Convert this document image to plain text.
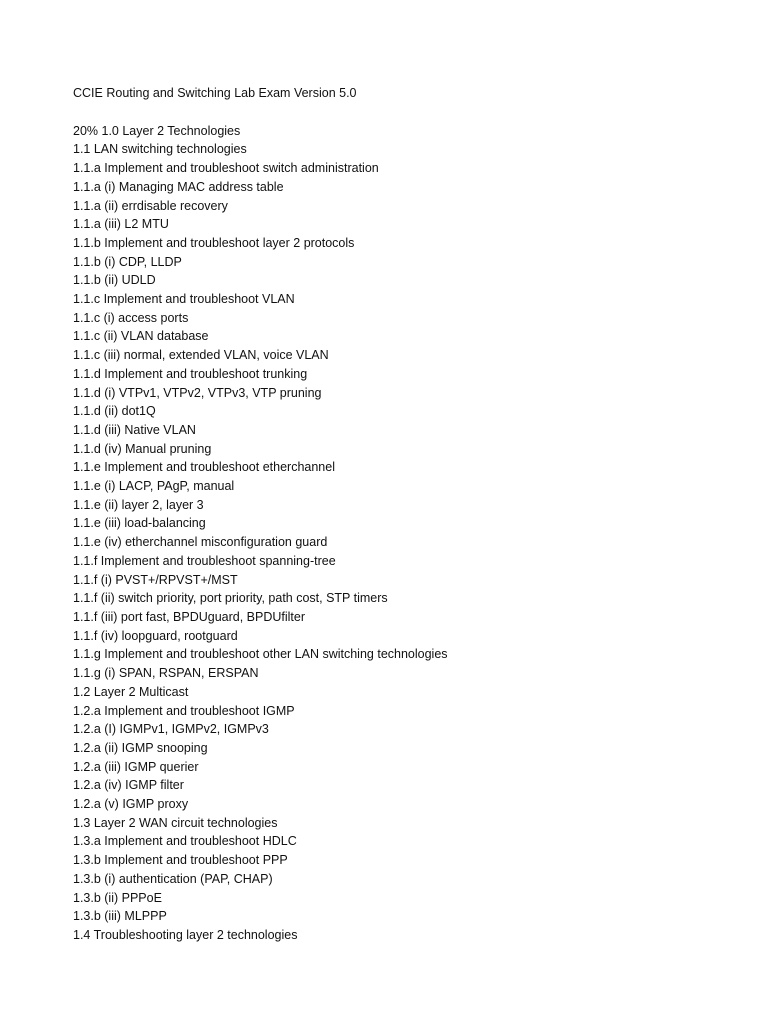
CCIE Routing and Switching Lab Exam Version 5.0
20% 1.0 Layer 2 Technologies
1.1 LAN switching technologies
1.1.a Implement and troubleshoot switch administration
1.1.a (i) Managing MAC address table
1.1.a (ii) errdisable recovery
1.1.a (iii) L2 MTU
1.1.b Implement and troubleshoot layer 2 protocols
1.1.b (i) CDP, LLDP
1.1.b (ii) UDLD
1.1.c Implement and troubleshoot VLAN
1.1.c (i) access ports
1.1.c (ii) VLAN database
1.1.c (iii) normal, extended VLAN, voice VLAN
1.1.d Implement and troubleshoot trunking
1.1.d (i) VTPv1, VTPv2, VTPv3, VTP pruning
1.1.d (ii) dot1Q
1.1.d (iii) Native VLAN
1.1.d (iv) Manual pruning
1.1.e Implement and troubleshoot etherchannel
1.1.e (i) LACP, PAgP, manual
1.1.e (ii) layer 2, layer 3
1.1.e (iii) load-balancing
1.1.e (iv) etherchannel misconfiguration guard
1.1.f Implement and troubleshoot spanning-tree
1.1.f (i) PVST+/RPVST+/MST
1.1.f (ii) switch priority, port priority, path cost, STP timers
1.1.f (iii) port fast, BPDUguard, BPDUfilter
1.1.f (iv) loopguard, rootguard
1.1.g Implement and troubleshoot other LAN switching technologies
1.1.g (i) SPAN, RSPAN, ERSPAN
1.2 Layer 2 Multicast
1.2.a Implement and troubleshoot IGMP
1.2.a (I) IGMPv1, IGMPv2, IGMPv3
1.2.a (ii) IGMP snooping
1.2.a (iii) IGMP querier
1.2.a (iv) IGMP filter
1.2.a (v) IGMP proxy
1.3 Layer 2 WAN circuit technologies
1.3.a Implement and troubleshoot HDLC
1.3.b Implement and troubleshoot PPP
1.3.b (i) authentication (PAP, CHAP)
1.3.b (ii) PPPoE
1.3.b (iii) MLPPP
1.4 Troubleshooting layer 2 technologies
